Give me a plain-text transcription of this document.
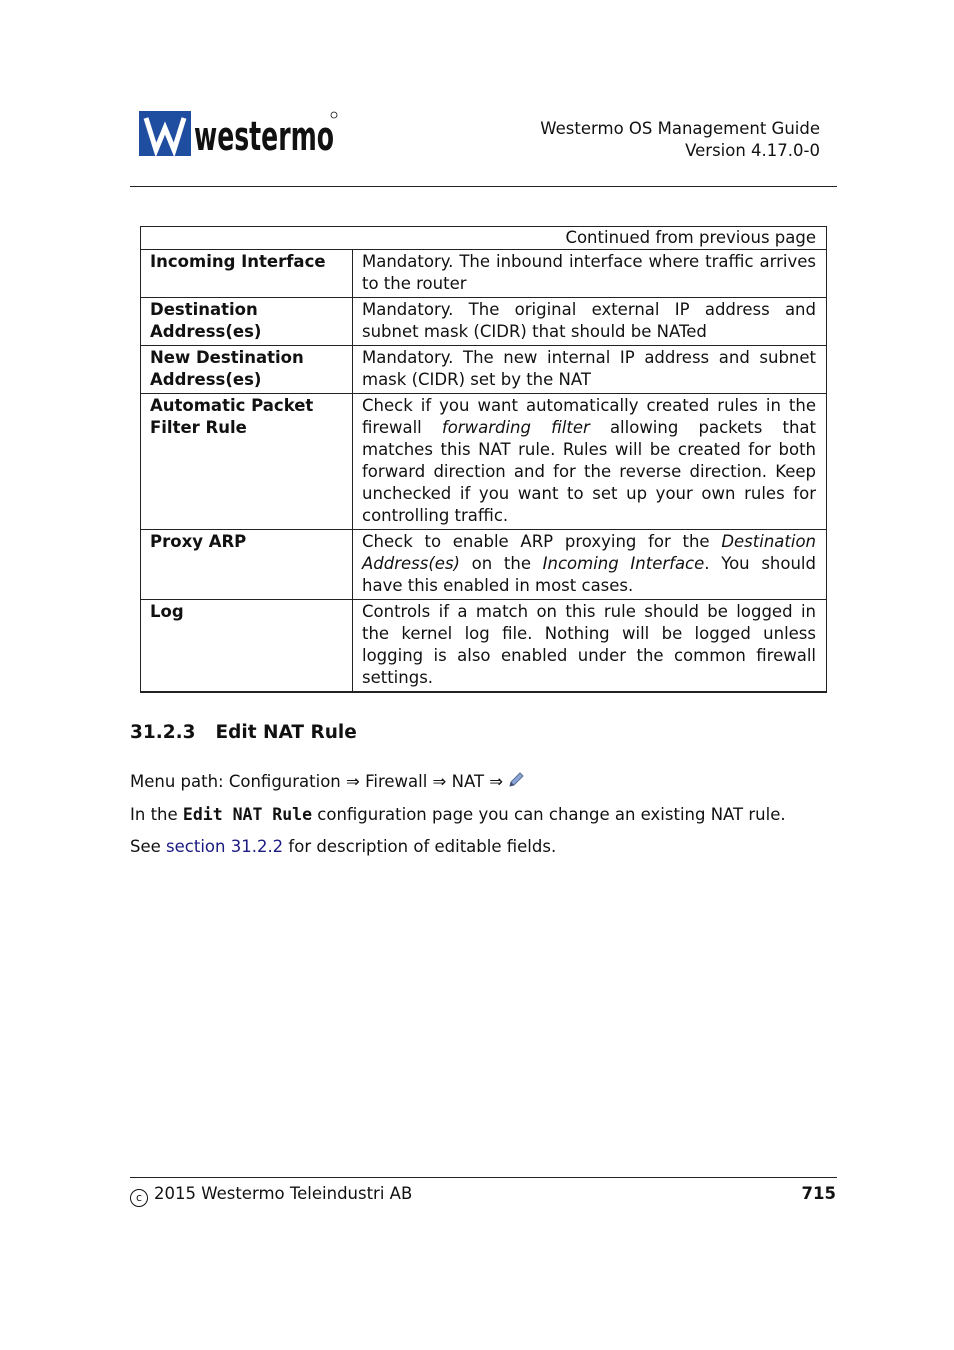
westermo	Westermo OS Management Guide
Version 4.17.0-0
Continued from previous page	
Incoming Interface	Mandatory. The inbound interface where traffic arrives to the router
Destination Address(es)	Mandatory. The original external IP address and subnet mask (CIDR) that should be NATed
New Destination Address(es)	Mandatory. The new internal IP address and subnet mask (CIDR) set by the NAT
Automatic Packet Filter Rule	Check if you want automatically created rules in the firewall forwarding filter allowing packets that matches this NAT rule. Rules will be created for both forward direction and for the reverse direction. Keep unchecked if you want to set up your own rules for controlling traffic.
Proxy ARP	Check to enable ARP proxying for the Destination Address(es) on the Incoming Interface. You should have this enabled in most cases.
Log	Controls if a match on this rule should be logged in the kernel log file. Nothing will be logged unless logging is also enabled under the common firewall settings.
31.2.3 Edit NAT Rule
Menu path: Configuration ⇒ Firewall ⇒ NAT ⇒
In the Edit NAT Rule configuration page you can change an existing NAT rule.
See section 31.2.2 for description of editable fields.
c 2015 Westermo Teleindustri AB	715
